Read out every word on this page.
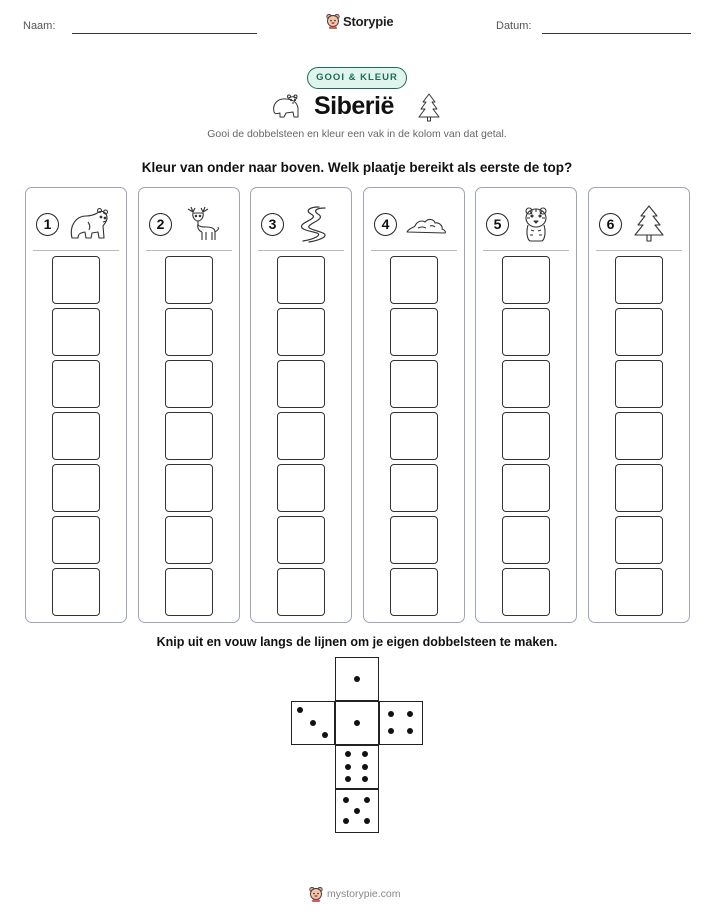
Naam:	Storypie	Datum:
GOOI & KLEUR
Siberië
Gooi de dobbelsteen en kleur een vak in de kolom van dat getal.
Kleur van onder naar boven. Welk plaatje bereikt als eerste de top?
1	2	3	4	5	6
Knip uit en vouw langs de lijnen om je eigen dobbelsteen te maken.
mystorypie.com
